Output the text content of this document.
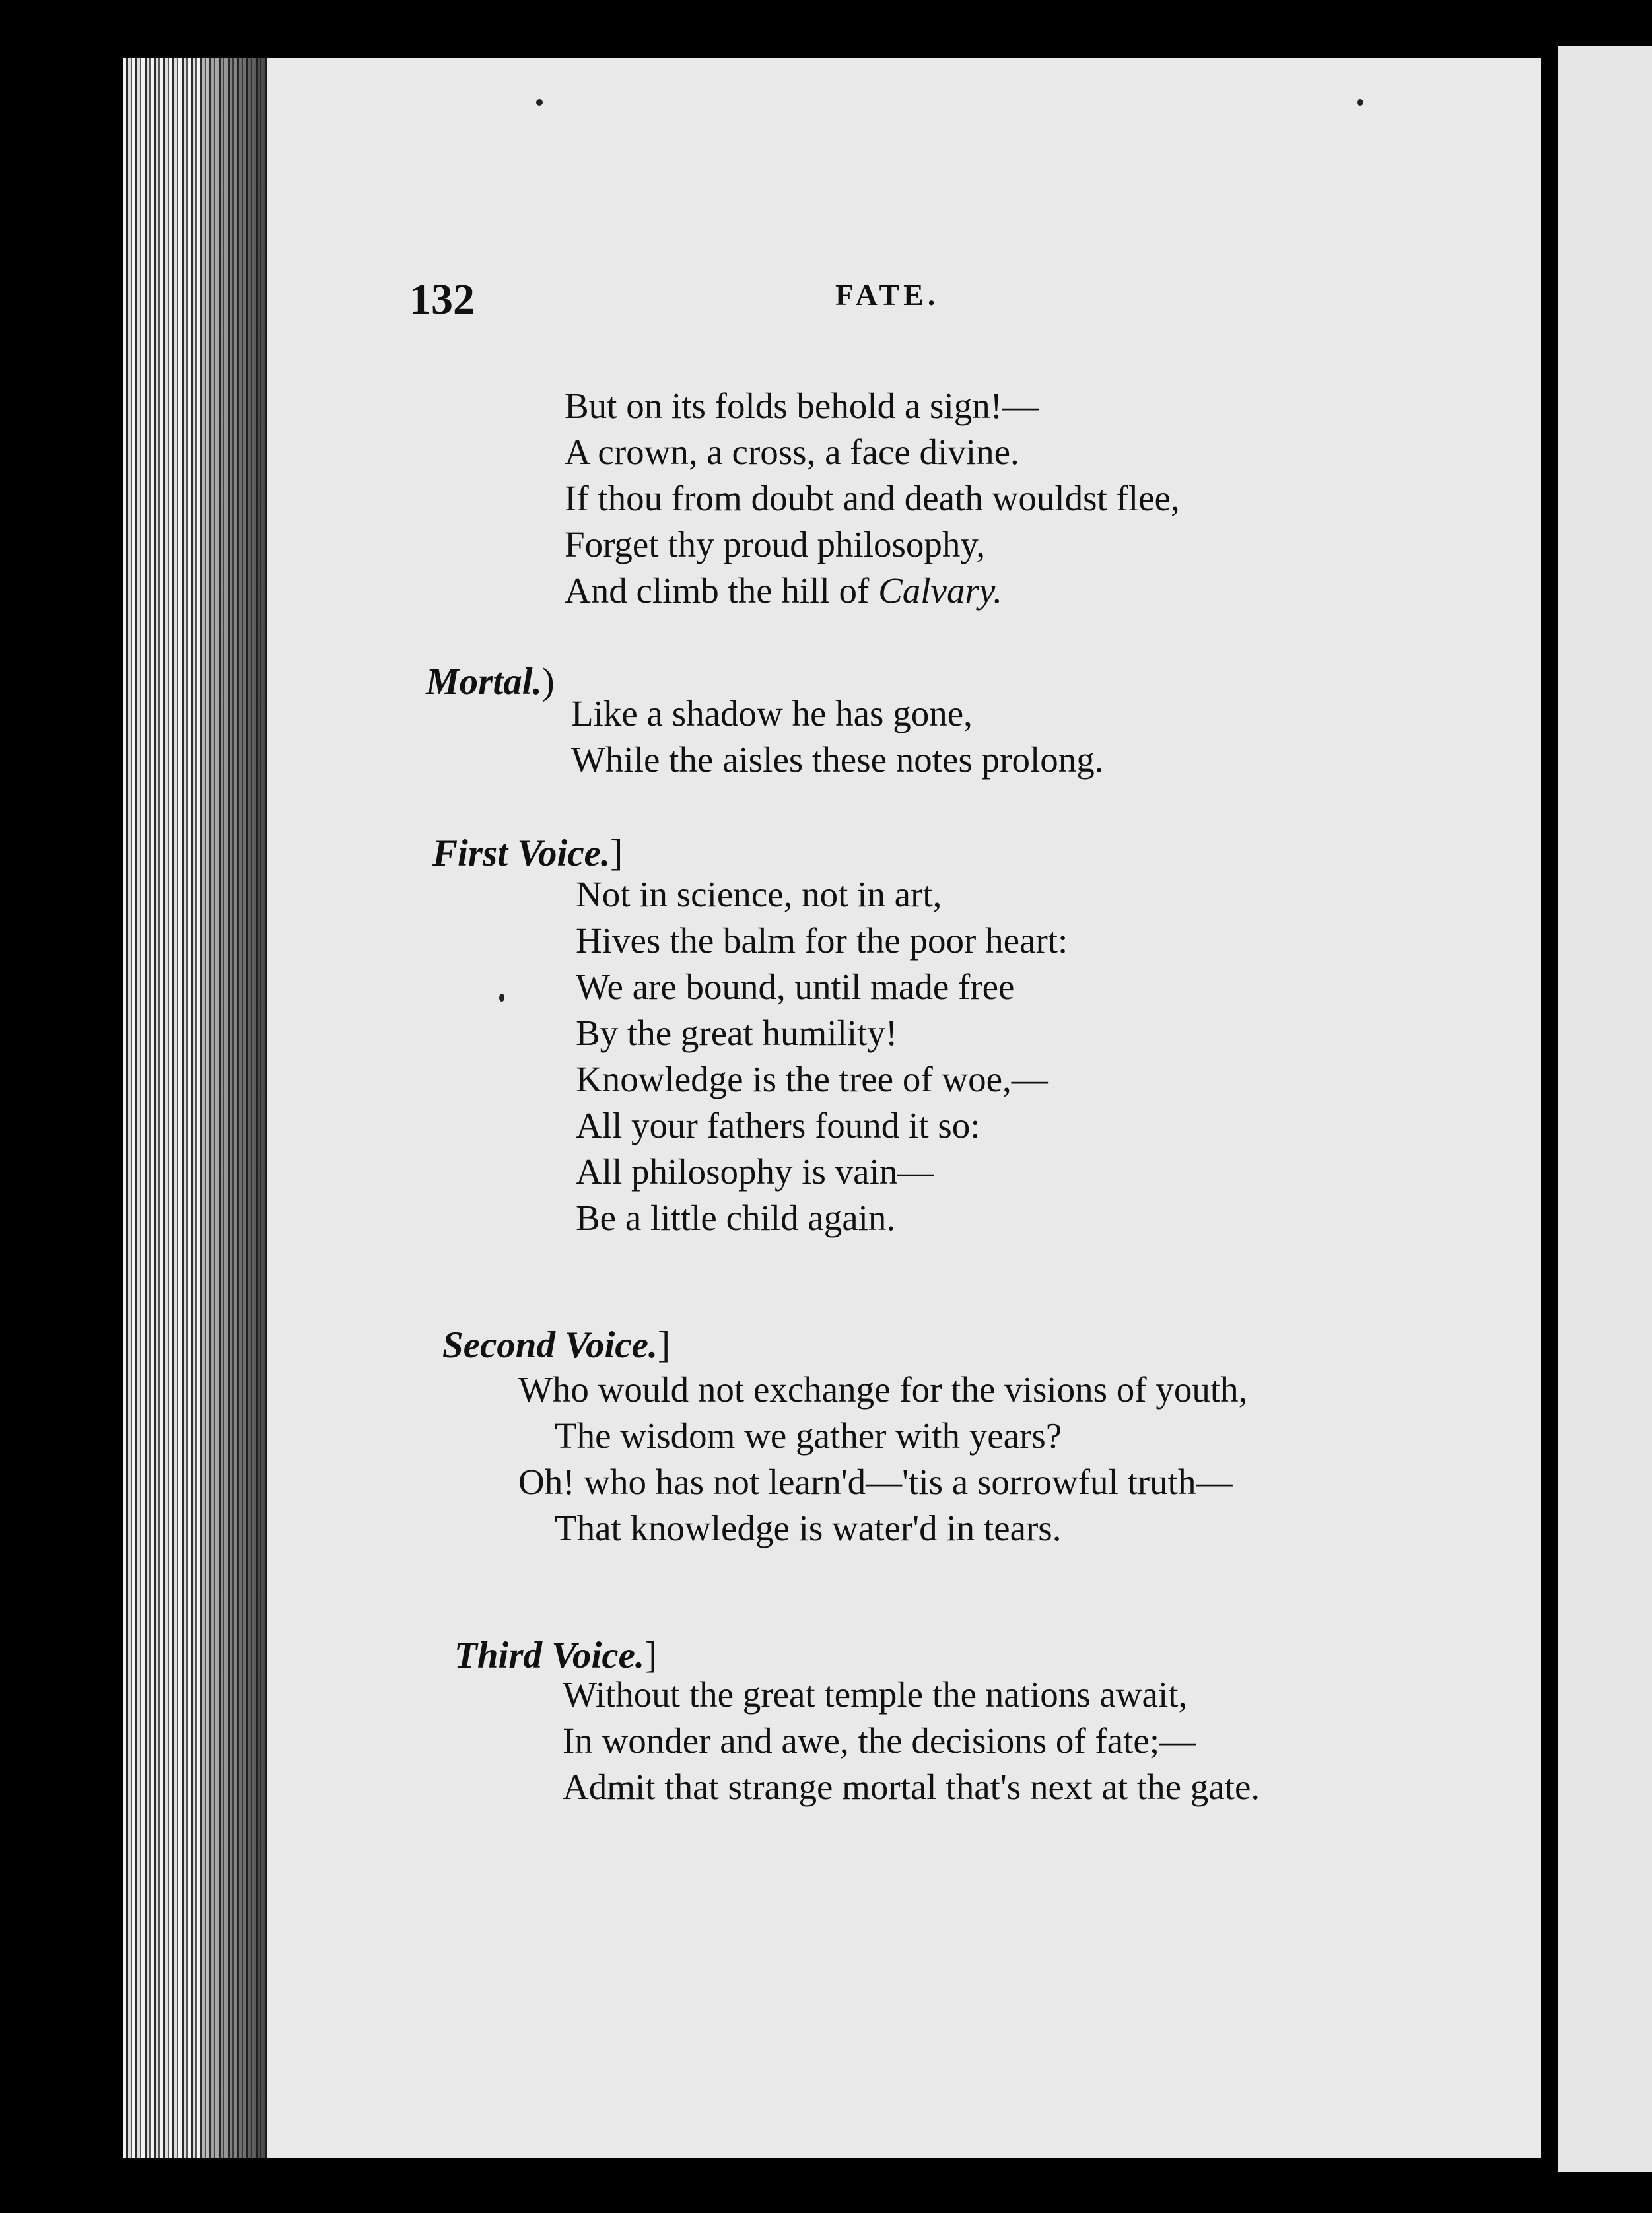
132	FATE.
But on its folds behold a sign!—
A crown, a cross, a face divine.
If thou from doubt and death wouldst flee,
Forget thy proud philosophy,
And climb the hill of Calvary.
Mortal.)
Like a shadow he has gone,
While the aisles these notes prolong.
First Voice.]
Not in science, not in art,
Hives the balm for the poor heart:
We are bound, until made free
By the great humility!
Knowledge is the tree of woe,—
All your fathers found it so:
All philosophy is vain—
Be a little child again.
Second Voice.]
Who would not exchange for the visions of youth,
The wisdom we gather with years?
Oh! who has not learn'd—'tis a sorrowful truth—
That knowledge is water'd in tears.
Third Voice.]
Without the great temple the nations await,
In wonder and awe, the decisions of fate;—
Admit that strange mortal that's next at the gate.
